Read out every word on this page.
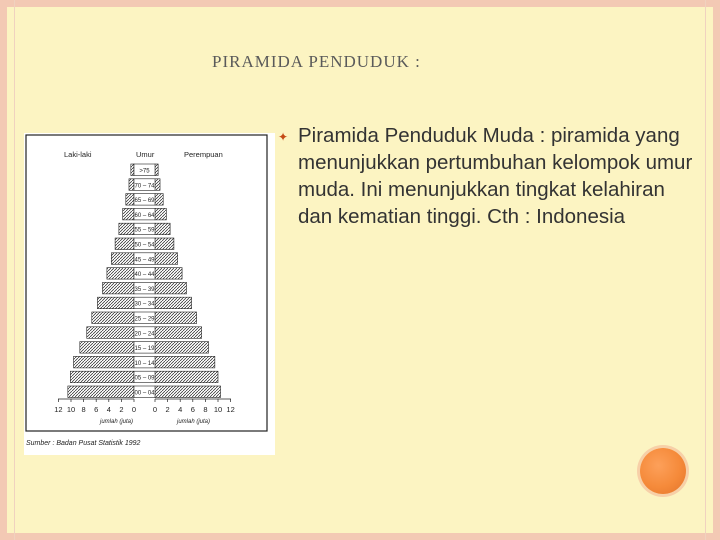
PIRAMIDA PENDUDUK :
Laki-laki	Umur	Perempuan
>75
70 – 74
65 – 69
60 – 64
55 – 59
50 – 54
45 – 49
40 – 44
35 – 39
30 – 34
25 – 29
20 – 24
15 – 19
10 – 14
05 – 09
00 – 04
12 10 8 6 4 2 0 0 2 4 6 8 10 12
jumlah (juta)	jumlah (juta)
Sumber : Badan Pusat Statistik 1992
✦ Piramida Penduduk Muda : piramida yang menunjukkan pertumbuhan kelompok umur muda. Ini menunjukkan tingkat kelahiran dan kematian tinggi. Cth : Indonesia
